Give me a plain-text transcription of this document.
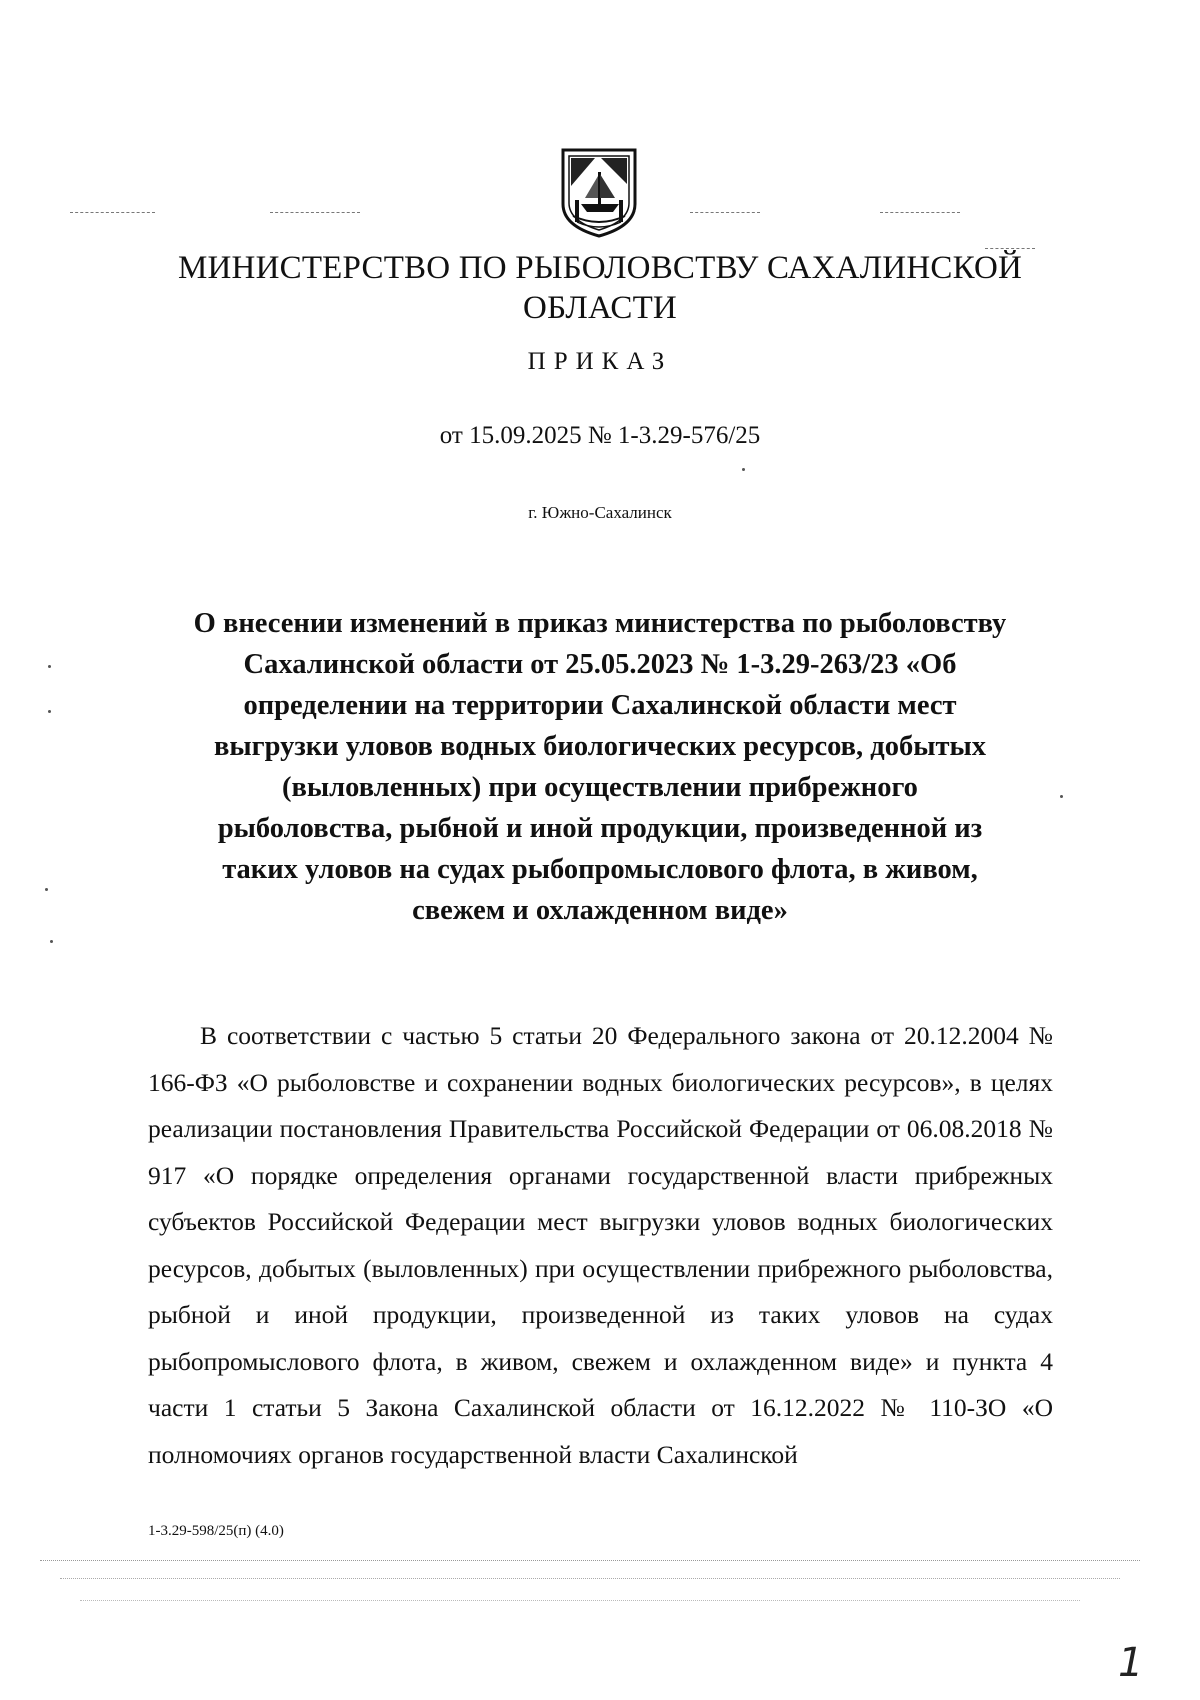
МИНИСТЕРСТВО ПО РЫБОЛОВСТВУ САХАЛИНСКОЙ
ОБЛАСТИ
ПРИКАЗ
от 15.09.2025 № 1-3.29-576/25
г. Южно-Сахалинск
О внесении изменений в приказ министерства по рыболовству
Сахалинской области от 25.05.2023 № 1-3.29-263/23 «Об
определении на территории Сахалинской области мест
выгрузки уловов водных биологических ресурсов, добытых
(выловленных) при осуществлении прибрежного
рыболовства, рыбной и иной продукции, произведенной из
таких уловов на судах рыбопромыслового флота, в живом,
свежем и охлажденном виде»

В соответствии с частью 5 статьи 20 Федерального закона от 20.12.2004 № 166-ФЗ «О рыболовстве и сохранении водных биологических ресурсов», в целях реализации постановления Правительства Российской Федерации от 06.08.2018 № 917 «О порядке определения органами государственной власти прибрежных субъектов Российской Федерации мест выгрузки уловов водных биологических ресурсов, добытых (выловленных) при осуществлении прибрежного рыболовства, рыбной и иной продукции, произведенной из таких уловов на судах рыбопромыслового флота, в живом, свежем и охлажденном виде» и пункта 4 части 1 статьи 5 Закона Сахалинской области от 16.12.2022 № 110-ЗО «О полномочиях органов государственной власти Сахалинской

1-3.29-598/25(п) (4.0)
1
